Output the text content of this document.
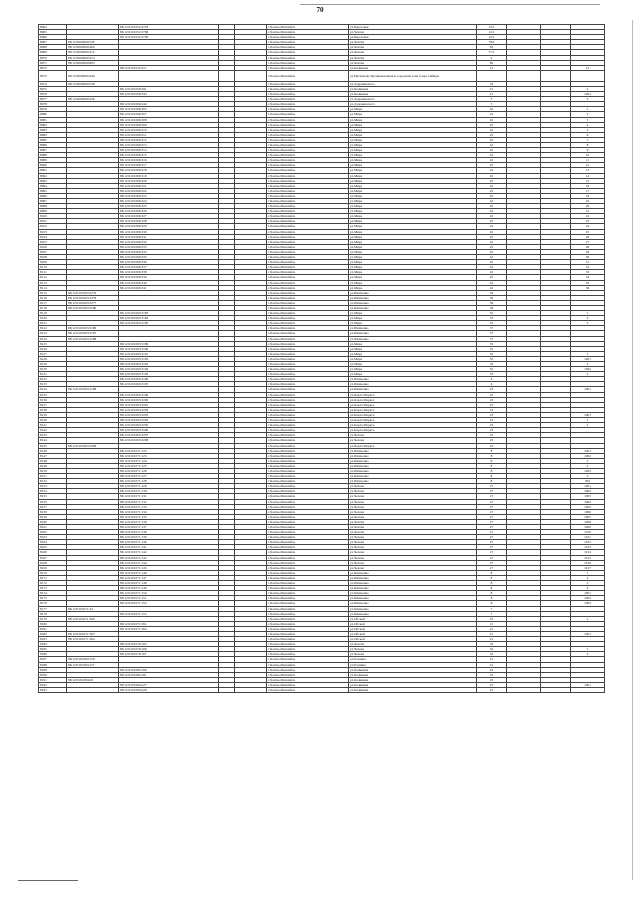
70
8064		86:12:0101052:2703			г.Ханты-Мансийск	ул.Березовая	13/1			
8065		86:12:0101052:2706			г.Ханты-Мансийск	ул.Чехова	12/1			
8066		86:12:0101052:2709			г.Ханты-Мансийск	ул.Березовая	12/1			
8067	86:12:0000000:540				г.Ханты-Мансийск	ул.Чехова	79А			
8068	86:12:0000000:469				г.Ханты-Мансийск	ул.Чехова	83			
8069	86:12:0000000:412				г.Ханты-Мансийск	ул.Чехова	77/1			
8070	86:12:0000000:474				г.Ханты-Мансийск	ул.Чехова	2			
8071	86:12:0000000:893				г.Ханты-Мансийск	ул.Чехова	82			
8072		86:12:0101052:411			г.Ханты-Мансийск	ул.Калинина	14			14
8073	86:12:0000000:449				г.Ханты-Мансийск	ул.Пискунова Промышленная и городская зона Сады Сибири				
8074	86:12:0000000:538				г.Ханты-Мансийск	ул.Дзержинского	19			
8075		86:12:0101056:291			г.Ханты-Мансийск	ул.Калинина	21			2
8076		86:12:0101056:343			г.Ханты-Мансийск	ул.Калинина	21			1001
8077	86:12:0000000:436				г.Ханты-Мансийск	ул.Дзержинского	5			3
8078		86:12:0101066:244			г.Ханты-Мансийск	ул.Дзержинского	5			
8079		86:12:0101066:305			г.Ханты-Мансийск	ул.Мира	45			1
8080		86:12:0101066:307			г.Ханты-Мансийск	ул.Мира	45			2
8081		86:12:0101066:308			г.Ханты-Мансийск	ул.Мира	45			3
8082		86:12:0101066:309			г.Ханты-Мансийск	ул.Мира	45			4
8083		86:12:0101066:310			г.Ханты-Мансийск	ул.Мира	45			5
8084		86:12:0101066:311			г.Ханты-Мансийск	ул.Мира	45			6
8085		86:12:0101066:312			г.Ханты-Мансийск	ул.Мира	45			7
8086		86:12:0101066:313			г.Ханты-Мансийск	ул.Мира	45			8
8087		86:12:0101066:314			г.Ханты-Мансийск	ул.Мира	45			9
8088		86:12:0101066:315			г.Ханты-Мансийск	ул.Мира	45			10
8089		86:12:0101066:316			г.Ханты-Мансийск	ул.Мира	45			11
8090		86:12:0101066:317			г.Ханты-Мансийск	ул.Мира	45			12
8091		86:12:0101066:318			г.Ханты-Мансийск	ул.Мира	45			13
8092		86:12:0101066:319			г.Ханты-Мансийск	ул.Мира	45			14
8093		86:12:0101066:320			г.Ханты-Мансийск	ул.Мира	45			15
8094		86:12:0101066:321			г.Ханты-Мансийск	ул.Мира	45			16
8095		86:12:0101066:322			г.Ханты-Мансийск	ул.Мира	45			17
8096		86:12:0101066:323			г.Ханты-Мансийск	ул.Мира	45			18
8097		86:12:0101066:324			г.Ханты-Мансийск	ул.Мира	45			19
8098		86:12:0101066:325			г.Ханты-Мансийск	ул.Мира	45			20
8099		86:12:0101066:326			г.Ханты-Мансийск	ул.Мира	45			21
8100		86:12:0101066:327			г.Ханты-Мансийск	ул.Мира	45			22
8101		86:12:0101066:328			г.Ханты-Мансийск	ул.Мира	45			23
8102		86:12:0101066:329			г.Ханты-Мансийск	ул.Мира	45			24
8103		86:12:0101066:330			г.Ханты-Мансийск	ул.Мира	45			25
8104		86:12:0101066:331			г.Ханты-Мансийск	ул.Мира	45			26
8105		86:12:0101066:332			г.Ханты-Мансийск	ул.Мира	45			27
8106		86:12:0101066:333			г.Ханты-Мансийск	ул.Мира	45			28
8107		86:12:0101066:334			г.Ханты-Мансийск	ул.Мира	45			29
8108		86:12:0101066:335			г.Ханты-Мансийск	ул.Мира	45			30
8109		86:12:0101066:336			г.Ханты-Мансийск	ул.Мира	45			31
8110		86:12:0101066:337			г.Ханты-Мансийск	ул.Мира	45			32
8111		86:12:0101066:338			г.Ханты-Мансийск	ул.Мира	45			33
8112		86:12:0101066:339			г.Ханты-Мансийск	ул.Мира	45			34
8113		86:12:0101066:340			г.Ханты-Мансийск	ул.Мира	45			35
8114		86:12:0101066:341			г.Ханты-Мансийск	ул.Мира	45			36
8115	86:12:0101063:3279				г.Ханты-Мансийск	ул.Шевченко	59			
8116	86:12:0101063:3276				г.Ханты-Мансийск	ул.Шевченко	59			
8117	86:12:0101063:3277				г.Ханты-Мансийск	ул.Шевченко	59			
8118	86:12:0101063:3280				г.Ханты-Мансийск	ул.Шевченко	59			
8119		86:12:0101063:3183			г.Ханты-Мансийск	ул.Мира	55			1
8120		86:12:0101063:3184			г.Ханты-Мансийск	ул.Мира	55			2
8121		86:12:0101063:3185			г.Ханты-Мансийск	ул.Мира	55			3
8122	86:12:0101063:3186				г.Ханты-Мансийск	ул.Шевченко	57			
8123	86:12:0101063:3187				г.Ханты-Мансийск	ул.Шевченко	57			
8124	86:12:0101063:3188				г.Ханты-Мансийск	ул.Шевченко	57			
8125		86:12:0101063:3189			г.Ханты-Мансийск	ул.Мира	55			
8126		86:12:0101063:3190			г.Ханты-Мансийск	ул.Мира	55			
8127		86:12:0101063:3191			г.Ханты-Мансийск	ул.Мира	55			1
8128		86:12:0101063:3192			г.Ханты-Мансийск	ул.Мира	55			1001
8129		86:12:0101063:3193			г.Ханты-Мансийск	ул.Мира	55			2
8130		86:12:0101063:3194			г.Ханты-Мансийск	ул.Мира	55			1002
8131		86:12:0101063:3195			г.Ханты-Мансийск	ул.Мира	55			3
8132		86:12:0101063:3196			г.Ханты-Мансийск	ул.Шевченко	4			
8133		86:12:0101063:3197			г.Ханты-Мансийск	ул.Шевченко	4			
8134	86:12:0101063:3198				г.Ханты-Мансийск	ул.Шевченко	23			1001
8135		86:12:0101063:3199			г.Ханты-Мансийск	ул.Карла Маркса	23			
8136		86:12:0101063:3200			г.Ханты-Мансийск	ул.Карла Маркса	23			
8137		86:12:0101063:3201			г.Ханты-Мансийск	ул.Карла Маркса	23			
8138		86:12:0101063:3202			г.Ханты-Мансийск	ул.Карла Маркса	23			
8139		86:12:0101063:3203			г.Ханты-Мансийск	ул.Карла Маркса	23			1001
8140		86:12:0101063:3204			г.Ханты-Мансийск	ул.Карла Маркса	23			1
8141		86:12:0101063:3205			г.Ханты-Мансийск	ул.Карла Маркса	23			2
8142		86:12:0101063:3206			г.Ханты-Мансийск	ул.Карла Маркса	23			
8143		86:12:0101063:3207			г.Ханты-Мансийск	ул.Чехова	25			
8144		86:12:0101063:3208			г.Ханты-Мансийск	ул.Чехова	25			
8145	86:12:0101063:3209				г.Ханты-Мансийск	ул.Карла Маркса	25			
8146		86:12:0101071:122			г.Ханты-Мансийск	ул.Шевченко	8			1001
8147		86:12:0101071:123			г.Ханты-Мансийск	ул.Шевченко	8			1002
8148		86:12:0101071:124			г.Ханты-Мансийск	ул.Шевченко	8			1
8149		86:12:0101071:125			г.Ханты-Мансийск	ул.Шевченко	8			2
8150		86:12:0101071:126			г.Ханты-Мансийск	ул.Шевченко	8			1003
8151		86:12:0101071:127			г.Ханты-Мансийск	ул.Шевченко	8			3
8152		86:12:0101071:128			г.Ханты-Мансийск	ул.Шевченко	8			302
8153		86:12:0101071:129			г.Ханты-Мансийск	ул.Чехова	27			1001
8154		86:12:0101071:130			г.Ханты-Мансийск	ул.Чехова	27			1002
8155		86:12:0101071:131			г.Ханты-Мансийск	ул.Чехова	27			1003
8156		86:12:0101071:132			г.Ханты-Мансийск	ул.Чехова	27			1004
8157		86:12:0101071:133			г.Ханты-Мансийск	ул.Чехова	27			1005
8158		86:12:0101071:134			г.Ханты-Мансийск	ул.Чехова	27			1006
8159		86:12:0101071:135			г.Ханты-Мансийск	ул.Чехова	27			1007
8160		86:12:0101071:136			г.Ханты-Мансийск	ул.Чехова	27			1008
8161		86:12:0101071:137			г.Ханты-Мансийск	ул.Чехова	27			1009
8162		86:12:0101071:138			г.Ханты-Мансийск	ул.Чехова	27			1010
8163		86:12:0101071:139			г.Ханты-Мансийск	ул.Чехова	27			1011
8164		86:12:0101071:140			г.Ханты-Мансийск	ул.Чехова	27			1012
8165		86:12:0101071:141			г.Ханты-Мансийск	ул.Чехова	27			1013
8166		86:12:0101071:142			г.Ханты-Мансийск	ул.Чехова	27			1014
8167		86:12:0101071:143			г.Ханты-Мансийск	ул.Чехова	27			1015
8168		86:12:0101071:144			г.Ханты-Мансийск	ул.Чехова	27			1016
8169		86:12:0101071:145			г.Ханты-Мансийск	ул.Чехова	27			1017
8170		86:12:0101071:146			г.Ханты-Мансийск	ул.Шевченко	8			1
8171		86:12:0101071:147			г.Ханты-Мансийск	ул.Шевченко	8			2
8172		86:12:0101071:148			г.Ханты-Мансийск	ул.Шевченко	8			3
8173		86:12:0101071:149			г.Ханты-Мансийск	ул.Шевченко	8			4
8174		86:12:0101071:150			г.Ханты-Мансийск	ул.Шевченко	8			1001
8175		86:12:0101071:151			г.Ханты-Мансийск	ул.Шевченко	8			1002
8176		86:12:0101071:152			г.Ханты-Мансийск	ул.Шевченко	8			1003
8177	86:12:0101071:24				г.Ханты-Мансийск	ул.Шевченко	7			
8178		86:12:0101071:153			г.Ханты-Мансийск	ул.Шевченко	7			
8179	86:12:0101071:360				г.Ханты-Мансийск	ул.Обской	23			1
8180		86:12:0101071:361			г.Ханты-Мансийск	ул.Обской	21			
8181		86:12:0101071:362			г.Ханты-Мансийск	ул.Обской	21			
8182	86:12:0101071:363				г.Ханты-Мансийск	ул.Обской	21			1001
8183	86:12:0101071:364				г.Ханты-Мансийск	ул.Обской	21			
8184		86:12:0101076:165			г.Ханты-Мансийск	ул.Чехова	32			
8185		86:12:0101076:166			г.Ханты-Мансийск	ул.Чехова	32			1
8186		86:12:0101076:167			г.Ханты-Мансийск	ул.Чехова	32			2
8187	86:12:0101084:156				г.Ханты-Мансийск	ул.Рознина	21			
8188	86:12:0101084:157				г.Ханты-Мансийск	ул.Рознина	21			
8189		86:12:0101084:180			г.Ханты-Мансийск	ул.Калинина	23			
8190		86:12:0101084:181			г.Ханты-Мансийск	ул.Калинина	23			
8191	86:12:0101084:49				г.Ханты-Мансийск	ул.Калинина	25			
8192		86:12:0101084:227			г.Ханты-Мансийск	ул.Калинина	25			1001
8193		86:12:0101084:228			г.Ханты-Мансийск	ул.Калинина	25			
